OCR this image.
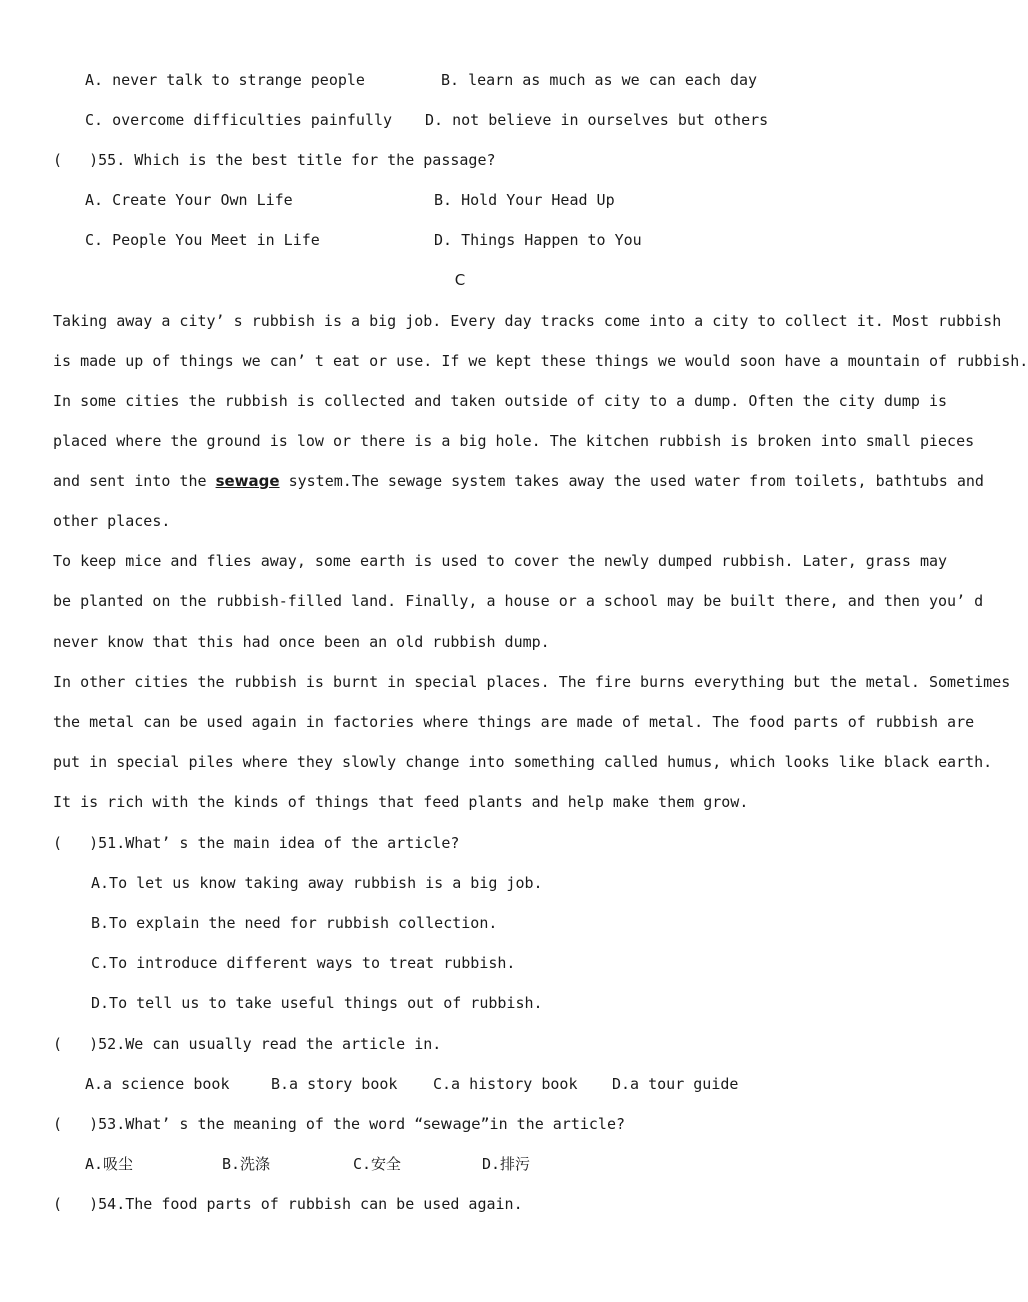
A. never talk to strange people	B. learn as much as we can each day
C. overcome difficulties painfully D. not believe in ourselves but others
(   )55. Which is the best title for the passage?
A. Create Your Own Life	B. Hold Your Head Up
C. People You Meet in Life	D. Things Happen to You
C
Taking away a city’ s rubbish is a big job. Every day tracks come into a city to collect it. Most rubbish
is made up of things we can’ t eat or use. If we kept these things we would soon have a mountain of rubbish.
In some cities the rubbish is collected and taken outside of city to a dump. Often the city dump is
placed where the ground is low or there is a big hole. The kitchen rubbish is broken into small pieces
and sent into the sewage system.The sewage system takes away the used water from toilets, bathtubs and
other places.
To keep mice and flies away, some earth is used to cover the newly dumped rubbish. Later, grass may
be planted on the rubbish-filled land. Finally, a house or a school may be built there, and then you’ d
never know that this had once been an old rubbish dump.
In other cities the rubbish is burnt in special places. The fire burns everything but the metal. Sometimes
the metal can be used again in factories where things are made of metal. The food parts of rubbish are
put in special piles where they slowly change into something called humus, which looks like black earth.
It is rich with the kinds of things that feed plants and help make them grow.
(   )51.What’ s the main idea of the article?
A.To let us know taking away rubbish is a big job.
B.To explain the need for rubbish collection.
C.To introduce different ways to treat rubbish.
D.To tell us to take useful things out of rubbish.
(   )52.We can usually read the article in.
A.a science book	B.a story book C.a history book D.a tour guide
(   )53.What’ s the meaning of the word “sewage”in the article?
A.吸尘	B.洗涤	C.安全	D.排污
(   )54.The food parts of rubbish can be used again.
